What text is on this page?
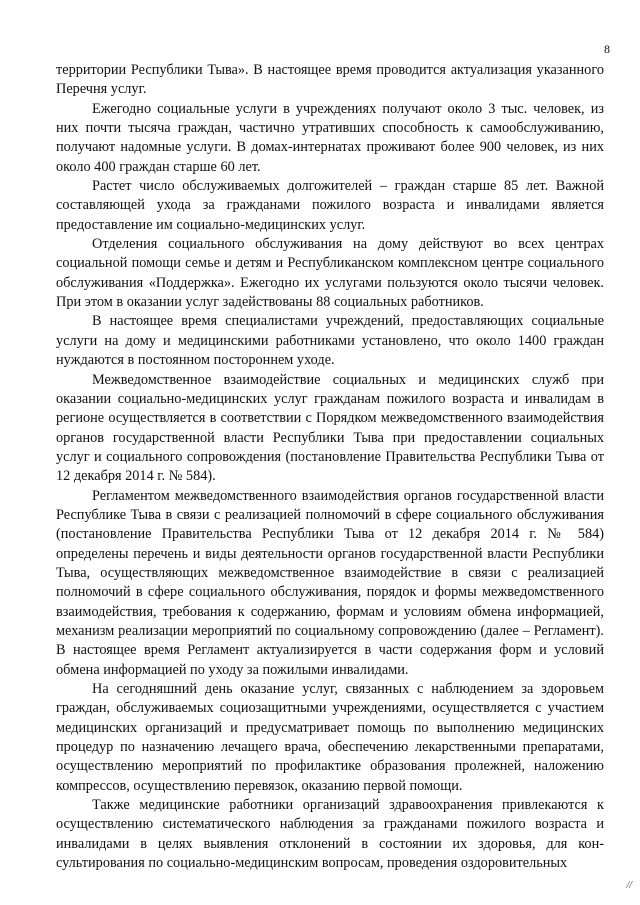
8

территории Республики Тыва». В настоящее время проводится актуализация указанного Перечня услуг.

Ежегодно социальные услуги в учреждениях получают около 3 тыс. человек, из них почти тысяча граждан, частично утративших способность к самообслуживанию, получают надомные услуги. В домах-интернатах проживают более 900 человек, из них около 400 граждан старше 60 лет.

Растет число обслуживаемых долгожителей – граждан старше 85 лет. Важной составляющей ухода за гражданами пожилого возраста и инвалидами является предоставление им социально-медицинских услуг.

Отделения социального обслуживания на дому действуют во всех центрах социальной помощи семье и детям и Республиканском комплексном центре социального обслуживания «Поддержка». Ежегодно их услугами пользуются около тысячи человек. При этом в оказании услуг задействованы 88 социальных работников.

В настоящее время специалистами учреждений, предоставляющих социальные услуги на дому и медицинскими работниками установлено, что около 1400 граждан нуждаются в постоянном постороннем уходе.

Межведомственное взаимодействие социальных и медицинских служб при оказании социально-медицинских услуг гражданам пожилого возраста и инвалидам в регионе осуществляется в соответствии с Порядком межведомственного взаимодействия органов государственной власти Республики Тыва при предоставлении социальных услуг и социального сопровождения (постановление Правительства Республики Тыва от 12 декабря 2014 г. № 584).

Регламентом межведомственного взаимодействия органов государственной власти Республике Тыва в связи с реализацией полномочий в сфере социального обслуживания (постановление Правительства Республики Тыва от 12 декабря 2014 г. № 584) определены перечень и виды деятельности органов государственной власти Республики Тыва, осуществляющих межведомственное взаимодействие в связи с реализацией полномочий в сфере социального обслуживания, порядок и формы межведомственного взаимодействия, требования к содержанию, формам и условиям обмена информацией, механизм реализации мероприятий по социальному сопровождению (далее – Регламент). В настоящее время Регламент актуализируется в части содержания форм и условий обмена информацией по уходу за пожилыми инвалидами.

На сегодняшний день оказание услуг, связанных с наблюдением за здоровьем граждан, обслуживаемых социозащитными учреждениями, осуществляется с участием медицинских организаций и предусматривает помощь по выполнению медицинских процедур по назначению лечащего врача, обеспечению лекарственными препаратами, осуществлению мероприятий по профилактике образования пролежней, наложению компрессов, осуществлению перевязок, оказанию первой помощи.

Также медицинские работники организаций здравоохранения привлекаются к осуществлению систематического наблюдения за гражданами пожилого возраста и инвалидами в целях выявления отклонений в состоянии их здоровья, для консультирования по социально-медицинским вопросам, проведения оздоровительных

//
